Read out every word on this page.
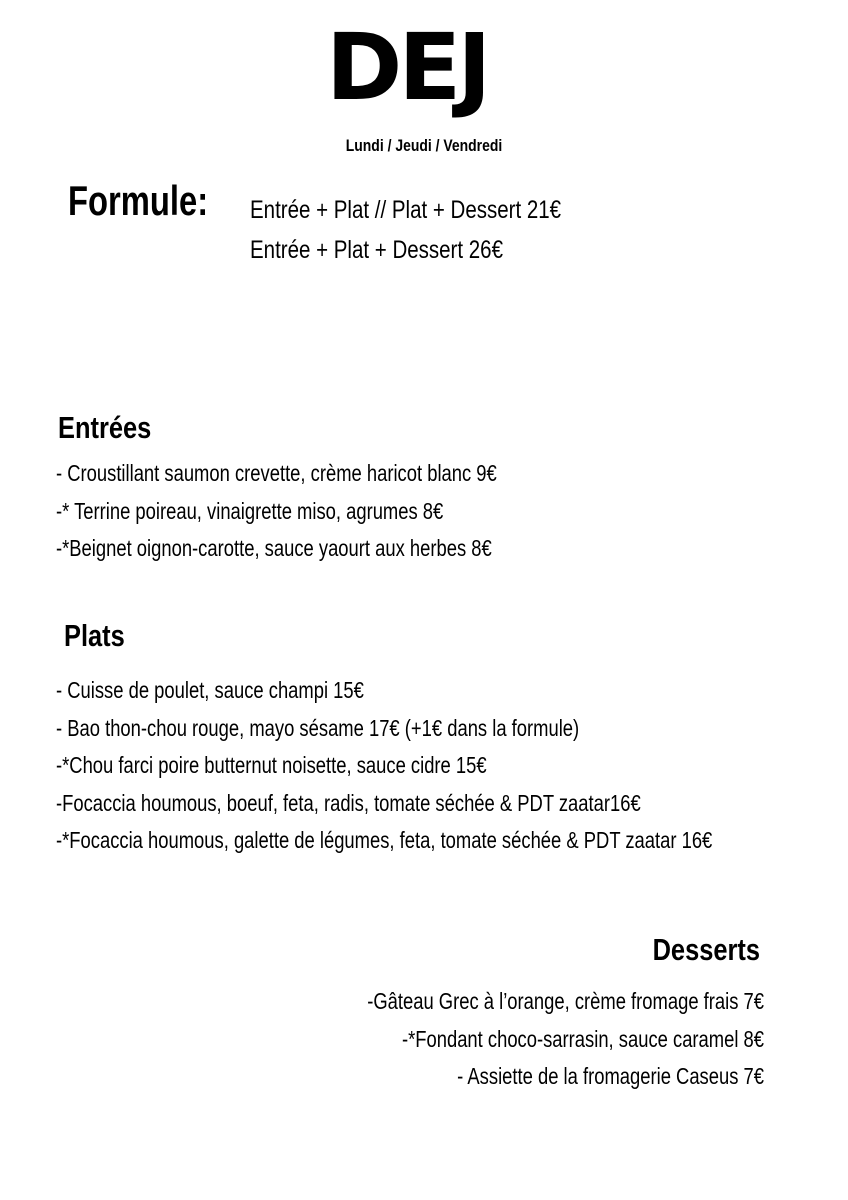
DEJ
Lundi / Jeudi / Vendredi
Formule: Entrée + Plat // Plat + Dessert 21€
Entrée + Plat + Dessert 26€
Entrées
- Croustillant saumon crevette, crème haricot blanc 9€
-* Terrine poireau, vinaigrette miso, agrumes 8€
-*Beignet oignon-carotte, sauce yaourt aux herbes 8€
Plats
- Cuisse de poulet, sauce champi 15€
- Bao thon-chou rouge, mayo sésame 17€ (+1€ dans la formule)
-*Chou farci poire butternut noisette, sauce cidre 15€
-Focaccia houmous, boeuf, feta, radis, tomate séchée & PDT zaatar16€
-*Focaccia houmous, galette de légumes, feta, tomate séchée & PDT zaatar 16€
Desserts
-Gâteau Grec à l’orange, crème fromage frais 7€
-*Fondant choco-sarrasin, sauce caramel 8€
- Assiette de la fromagerie Caseus 7€
